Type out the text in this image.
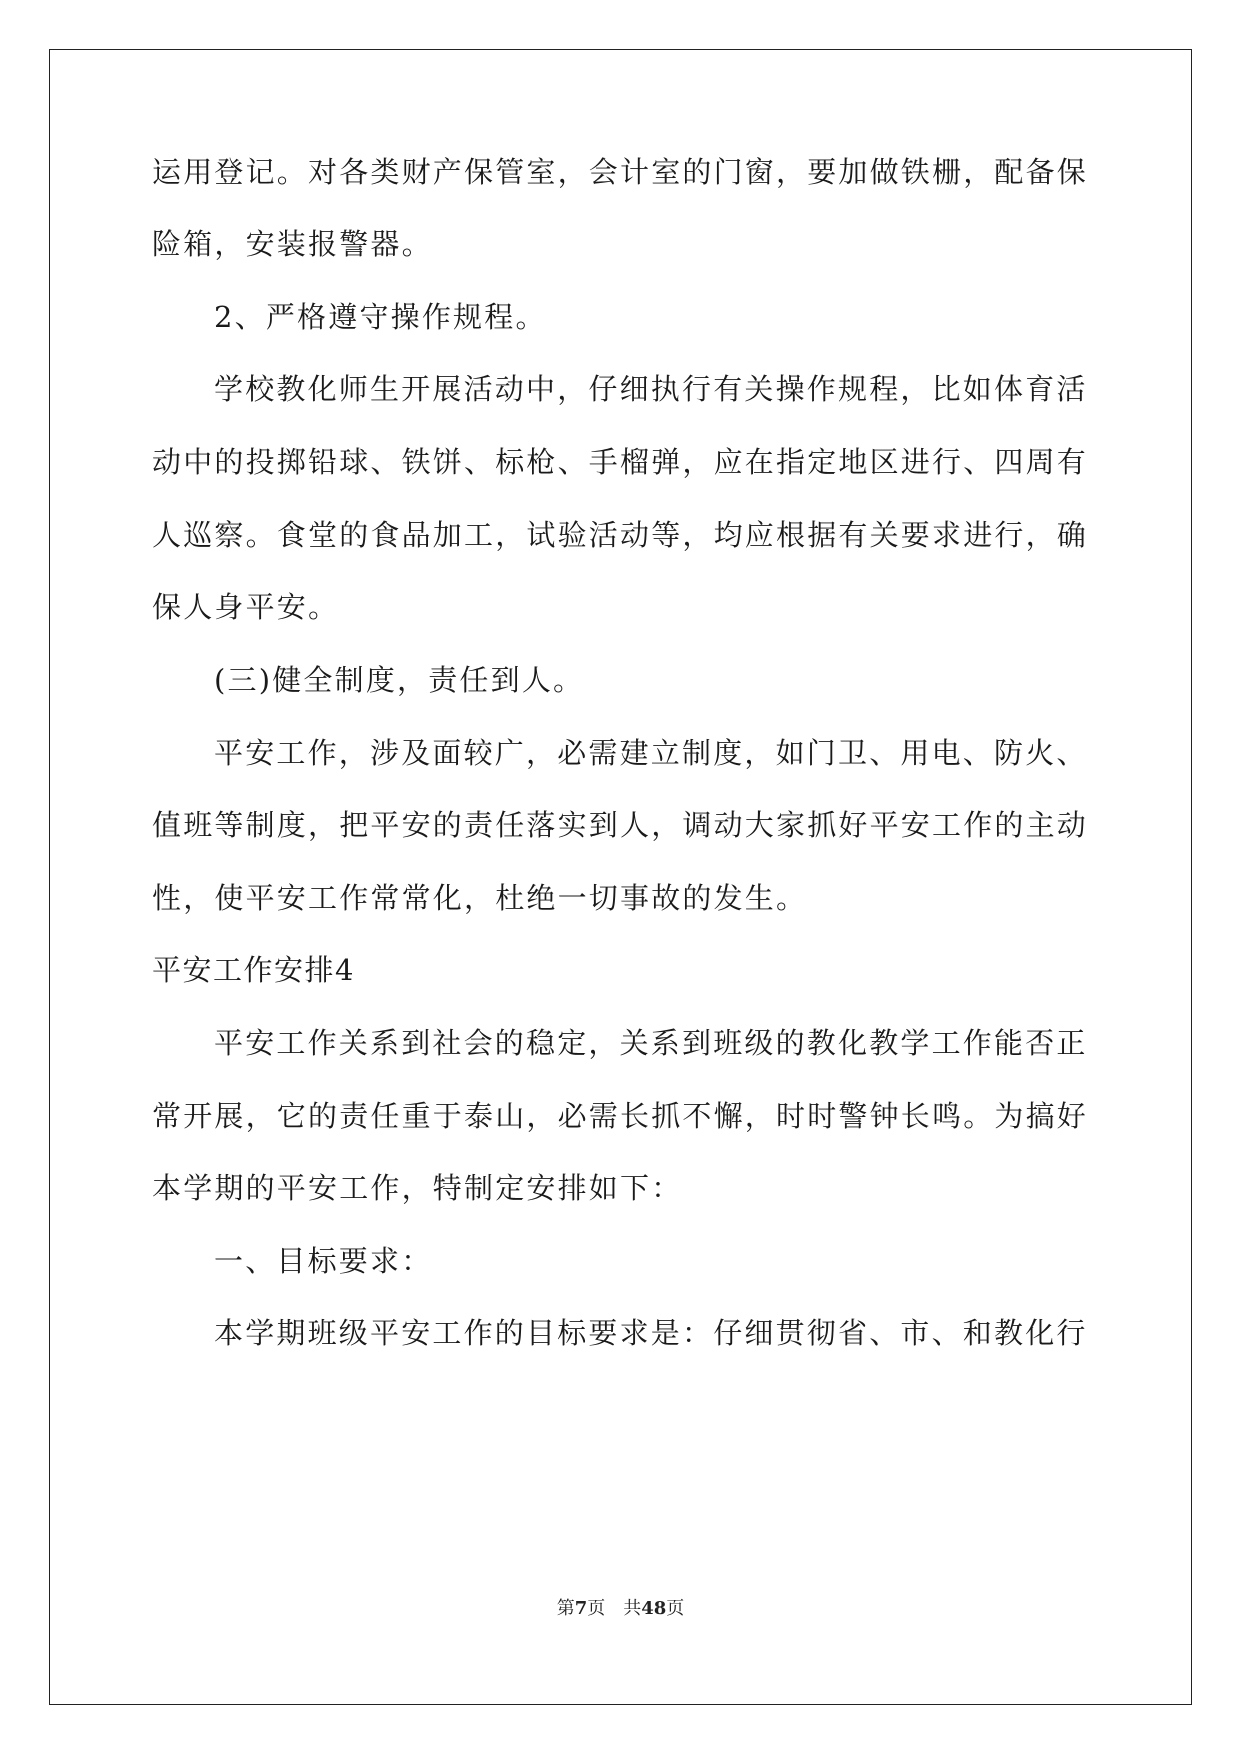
运用登记。对各类财产保管室，会计室的门窗，要加做铁栅，配备保
险箱，安装报警器。
2、严格遵守操作规程。
学校教化师生开展活动中，仔细执行有关操作规程，比如体育活
动中的投掷铅球、铁饼、标枪、手榴弹，应在指定地区进行、四周有
人巡察。食堂的食品加工，试验活动等，均应根据有关要求进行，确
保人身平安。
(三)健全制度，责任到人。
平安工作，涉及面较广，必需建立制度，如门卫、用电、防火、
值班等制度，把平安的责任落实到人，调动大家抓好平安工作的主动
性，使平安工作常常化，杜绝一切事故的发生。
平安工作安排4
平安工作关系到社会的稳定，关系到班级的教化教学工作能否正
常开展，它的责任重于泰山，必需长抓不懈，时时警钟长鸣。为搞好
本学期的平安工作，特制定安排如下：
一、目标要求：
本学期班级平安工作的目标要求是：仔细贯彻省、市、和教化行
第7页 共48页
